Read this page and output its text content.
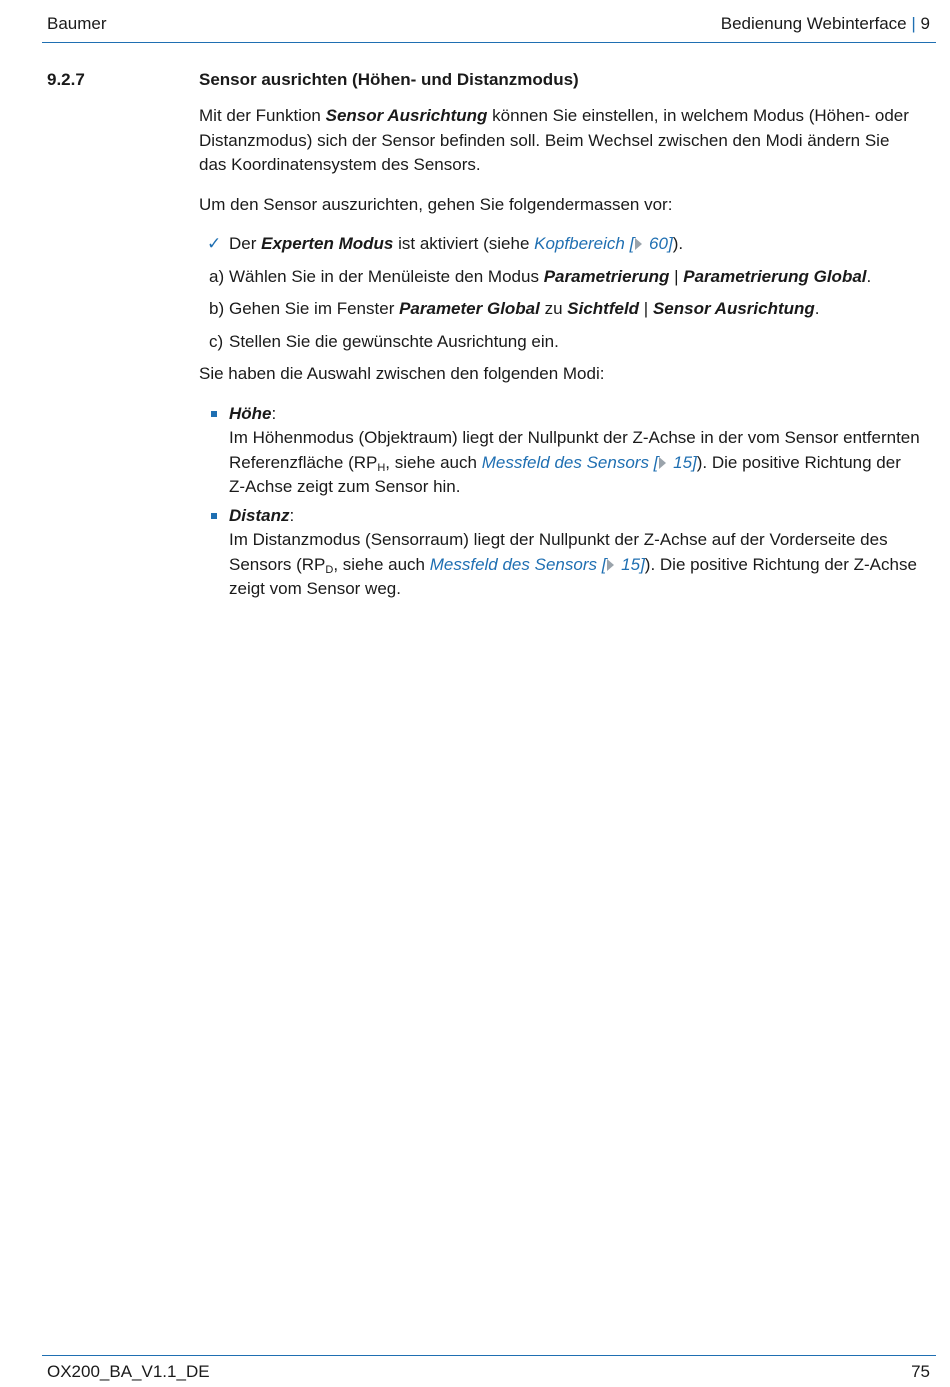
Baumer	Bedienung Webinterface | 9
9.2.7	Sensor ausrichten (Höhen- und Distanzmodus)

Mit der Funktion Sensor Ausrichtung können Sie einstellen, in welchem Modus (Höhen- oder Distanzmodus) sich der Sensor befinden soll. Beim Wechsel zwischen den Modi ändern Sie das Koordinatensystem des Sensors.

Um den Sensor auszurichten, gehen Sie folgendermassen vor:

✓ Der Experten Modus ist aktiviert (siehe Kopfbereich [ 60]).
a) Wählen Sie in der Menüleiste den Modus Parametrierung | Parametrierung Global.
b) Gehen Sie im Fenster Parameter Global zu Sichtfeld | Sensor Ausrichtung.
c) Stellen Sie die gewünschte Ausrichtung ein.

Sie haben die Auswahl zwischen den folgenden Modi:

Höhe:
Im Höhenmodus (Objektraum) liegt der Nullpunkt der Z-Achse in der vom Sensor entfernten Referenzfläche ($RP_H$, siehe auch Messfeld des Sensors [ 15]). Die positive Richtung der Z-Achse zeigt zum Sensor hin.
Distanz:
Im Distanzmodus (Sensorraum) liegt der Nullpunkt der Z-Achse auf der Vorderseite des Sensors ($RP_D$, siehe auch Messfeld des Sensors [ 15]). Die positive Richtung der Z-Achse zeigt vom Sensor weg.
OX200_BA_V1.1_DE	75
